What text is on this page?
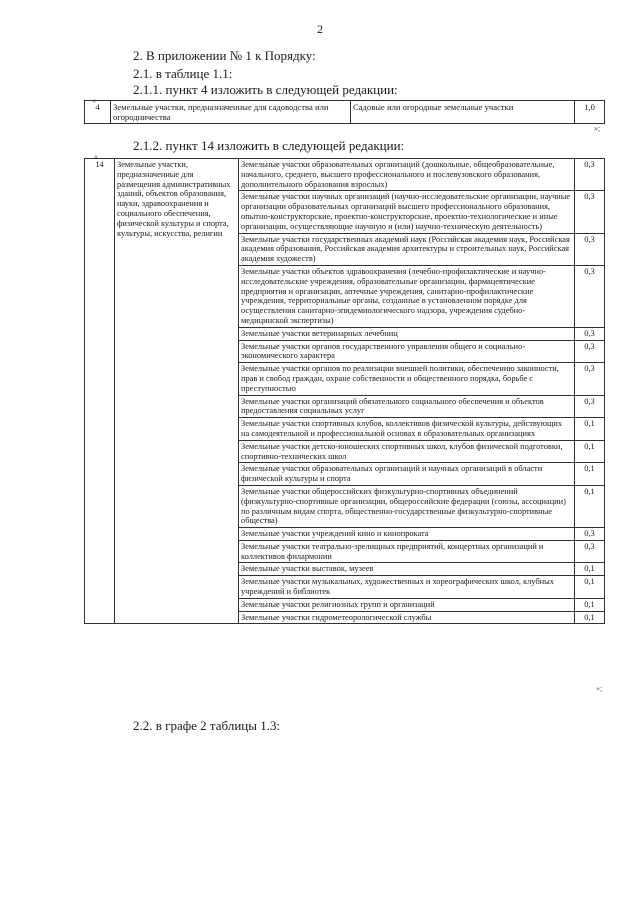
2
2. В приложении № 1 к Порядку:
2.1. в таблице 1.1:
2.1.1. пункт 4 изложить в следующей редакции:
«
4	Земельные участки, предназначенные для садоводства или огородничества	Садовые или огородные земельные участки	1,0
»;
2.1.2. пункт 14 изложить в следующей редакции:
«
14	Земельные участки, предназначенные для размещения административных зданий, объектов образования, науки, здравоохранения и социального обеспечения, физической культуры и спорта, культуры, искусства, религии	Земельные участки образовательных организаций (дошкольные, общеобразовательные, начального, среднего, высшего профессионального и послевузовского образования, дополнительного образования взрослых)	0,3
		Земельные участки научных организаций (научно-исследовательские организации, научные организации образовательных организаций высшего профессионального образования, опытно-конструкторские, проектно-конструкторские, проектно-технологические и иные организации, осуществляющие научную и (или) научно-техническую деятельность)	0,3
		Земельные участки государственных академий наук (Российская академия наук, Российская академия образования, Российская академия архитектуры и строительных наук, Российская академия художеств)	0,3
		Земельные участки объектов здравоохранения (лечебно-профилактические и научно-исследовательские учреждения, образовательные организации, фармацевтические предприятия и организации, аптечные учреждения, санитарно-профилактические учреждения, территориальные органы, созданные в установленном порядке для осуществления санитарно-эпидемиологического надзора, учреждения судебно-медицинской экспертизы)	0,3
		Земельные участки ветеринарных лечебниц	0,3
		Земельные участки органов государственного управления общего и социально-экономического характера	0,3
		Земельные участки органов по реализации внешней политики, обеспечению законности, прав и свобод граждан, охране собственности и общественного порядка, борьбе с преступностью	0,3
		Земельные участки организаций обязательного социального обеспечения и объектов предоставления социальных услуг	0,3
		Земельные участки спортивных клубов, коллективов физической культуры, действующих на самодеятельной и профессиональной основах в образовательных организациях	0,1
		Земельные участки детско-юношеских спортивных школ, клубов физической подготовки, спортивно-технических школ	0,1
		Земельные участки образовательных организаций и научных организаций в области физической культуры и спорта	0,1
		Земельные участки общероссийских физкультурно-спортивных объединений (физкультурно-спортивные организации, общероссийские федерации (союзы, ассоциации) по различным видам спорта, общественно-государственные физкультурно-спортивные общества)	0,1
		Земельные участки учреждений кино и кинопроката	0,3
		Земельные участки театрально-зрелищных предприятий, концертных организаций и коллективов филармонии	0,3
		Земельные участки выставок, музеев	0,1
		Земельные участки музыкальных, художественных и хореографических школ, клубных учреждений и библиотек	0,1
		Земельные участки религиозных групп и организаций	0,1
		Земельные участки гидрометеорологической службы	0,1
»;
2.2. в графе 2 таблицы 1.3:
